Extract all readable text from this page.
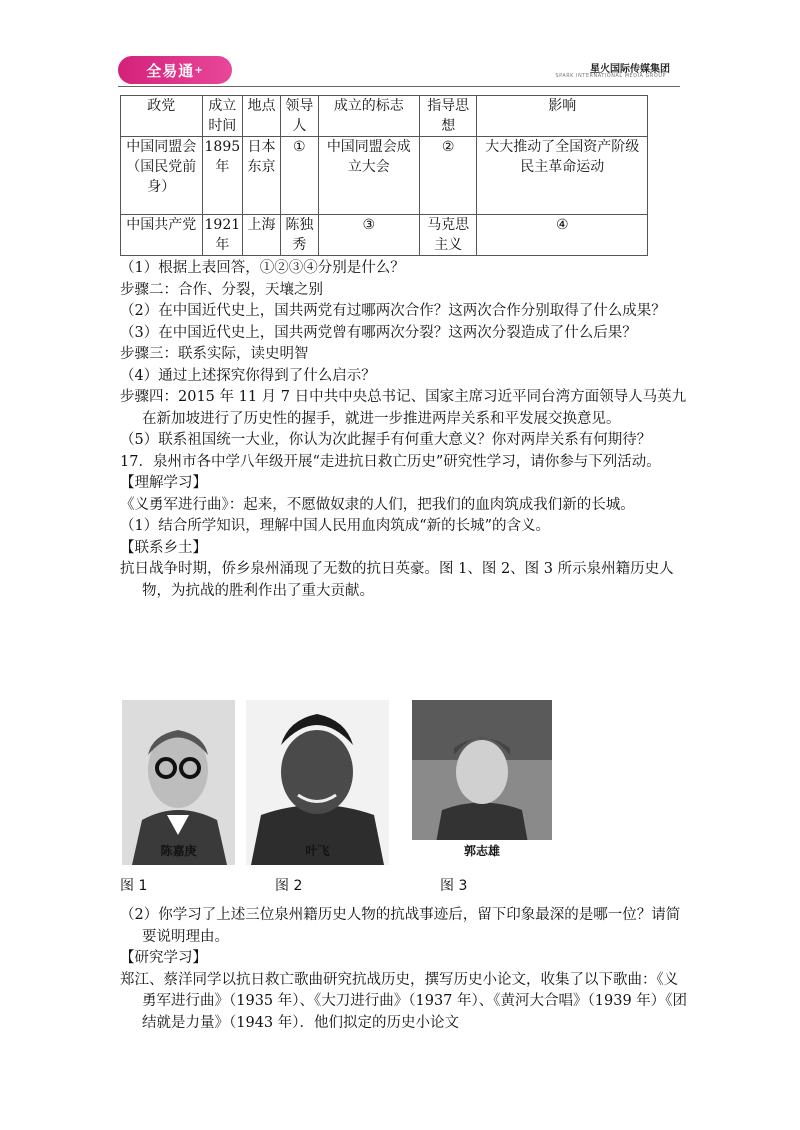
全易通 +	星火国际传媒集团
SPARK INTERNATIONAL MEDIA GROUP
政党	成立时间	地点	领导人	成立的标志	指导思想	影响
中国同盟会（国民党前身）	1895年	日本东京	①	中国同盟会成立大会	②	大大推动了全国资产阶级民主革命运动
中国共产党	1921年	上海	陈独秀	③	马克思主义	④

（1）根据上表回答，①②③④分别是什么？

步骤二：合作、分裂，天壤之别

（2）在中国近代史上，国共两党有过哪两次合作？这两次合作分别取得了什么成果？

（3）在中国近代史上，国共两党曾有哪两次分裂？这两次分裂造成了什么后果？

步骤三：联系实际，读史明智

（4）通过上述探究你得到了什么启示？

步骤四：2015 年 11 月 7 日中共中央总书记、国家主席习近平同台湾方面领导人马英九在新加坡进行了历史性的握手，就进一步推进两岸关系和平发展交换意见。

（5）联系祖国统一大业，你认为次此握手有何重大意义？你对两岸关系有何期待？

17．泉州市各中学八年级开展“走进抗日救亡历史”研究性学习，请你参与下列活动。

【理解学习】

《义勇军进行曲》：起来，不愿做奴隶的人们，把我们的血肉筑成我们新的长城。

（1）结合所学知识，理解中国人民用血肉筑成“新的长城”的含义。

【联系乡土】

抗日战争时期，侨乡泉州涌现了无数的抗日英豪。图 1、图 2、图 3 所示泉州籍历史人物，为抗战的胜利作出了重大贡献。

陈嘉庚	叶飞	郭志雄
图 1	图 2	图 3

（2）你学习了上述三位泉州籍历史人物的抗战事迹后，留下印象最深的是哪一位？请简要说明理由。

【研究学习】

郑江、蔡洋同学以抗日救亡歌曲研究抗战历史，撰写历史小论文，收集了以下歌曲：《义勇军进行曲》（1935 年）、《大刀进行曲》（1937 年）、《黄河大合唱》（1939 年）《团结就是力量》（1943 年）．他们拟定的历史小论文
